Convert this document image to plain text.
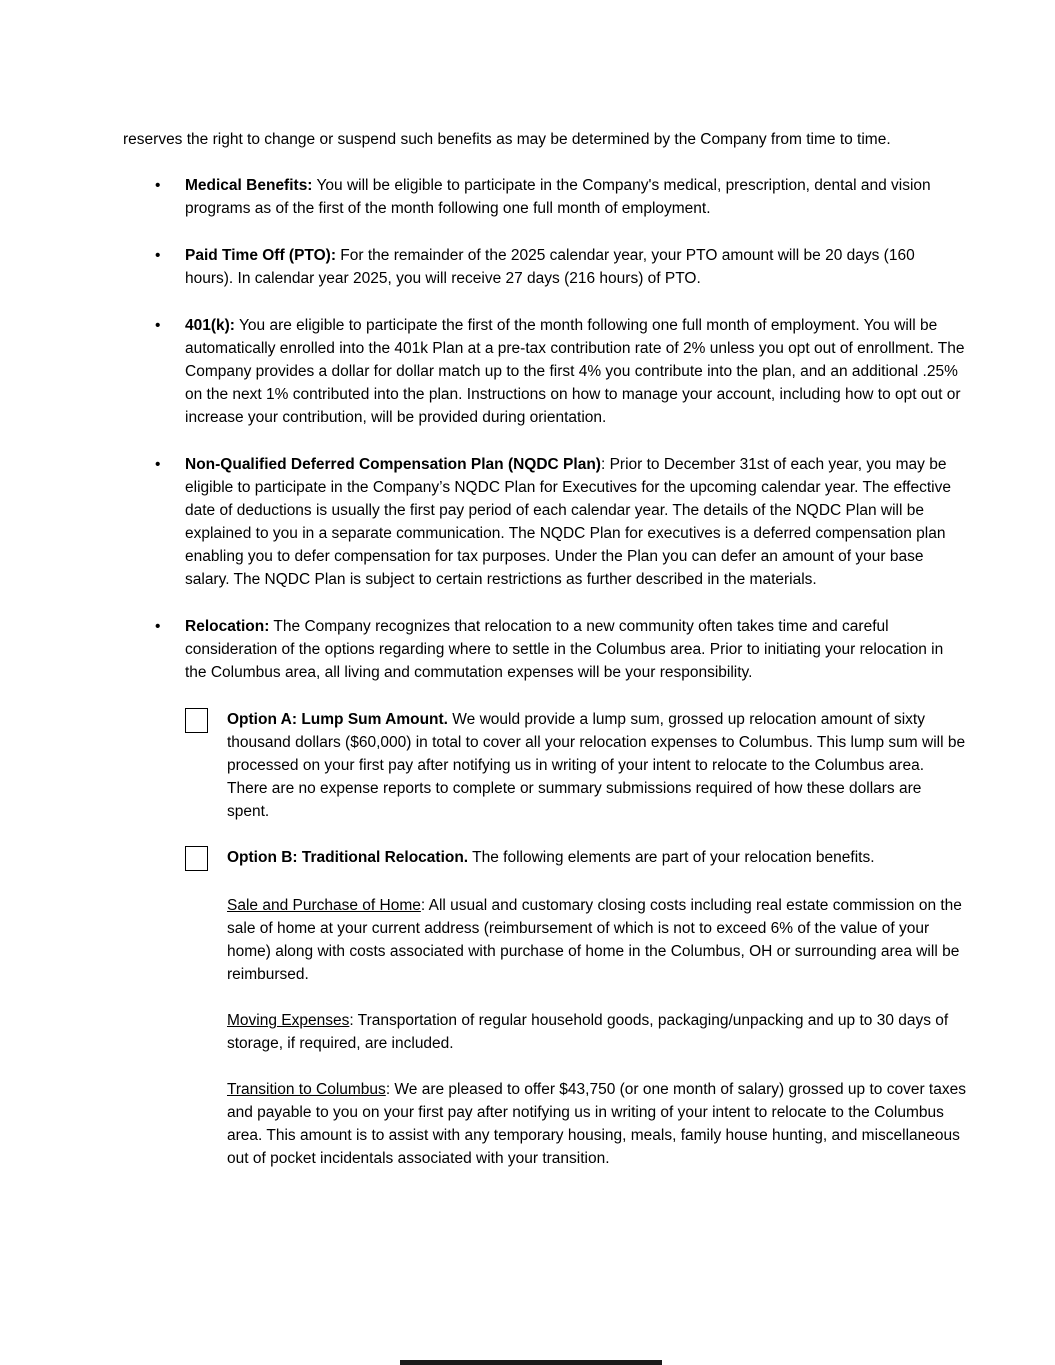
reserves the right to change or suspend such benefits as may be determined by the Company from time to time.

•	Medical Benefits: You will be eligible to participate in the Company's medical, prescription, dental and vision programs as of the first of the month following one full month of employment.

•	Paid Time Off (PTO): For the remainder of the 2025 calendar year, your PTO amount will be 20 days (160 hours). In calendar year 2025, you will receive 27 days (216 hours) of PTO.

•	401(k): You are eligible to participate the first of the month following one full month of employment. You will be automatically enrolled into the 401k Plan at a pre-tax contribution rate of 2% unless you opt out of enrollment. The Company provides a dollar for dollar match up to the first 4% you contribute into the plan, and an additional .25% on the next 1% contributed into the plan. Instructions on how to manage your account, including how to opt out or increase your contribution, will be provided during orientation.

•	Non-Qualified Deferred Compensation Plan (NQDC Plan): Prior to December 31st of each year, you may be eligible to participate in the Company’s NQDC Plan for Executives for the upcoming calendar year. The effective date of deductions is usually the first pay period of each calendar year. The details of the NQDC Plan will be explained to you in a separate communication. The NQDC Plan for executives is a deferred compensation plan enabling you to defer compensation for tax purposes. Under the Plan you can defer an amount of your base salary. The NQDC Plan is subject to certain restrictions as further described in the materials.

•	Relocation: The Company recognizes that relocation to a new community often takes time and careful consideration of the options regarding where to settle in the Columbus area. Prior to initiating your relocation in the Columbus area, all living and commutation expenses will be your responsibility.

Option A: Lump Sum Amount. We would provide a lump sum, grossed up relocation amount of sixty thousand dollars ($60,000) in total to cover all your relocation expenses to Columbus. This lump sum will be processed on your first pay after notifying us in writing of your intent to relocate to the Columbus area. There are no expense reports to complete or summary submissions required of how these dollars are spent.

Option B: Traditional Relocation. The following elements are part of your relocation benefits.

Sale and Purchase of Home: All usual and customary closing costs including real estate commission on the sale of home at your current address (reimbursement of which is not to exceed 6% of the value of your home) along with costs associated with purchase of home in the Columbus, OH or surrounding area will be reimbursed.

Moving Expenses: Transportation of regular household goods, packaging/unpacking and up to 30 days of storage, if required, are included.

Transition to Columbus: We are pleased to offer $43,750 (or one month of salary) grossed up to cover taxes and payable to you on your first pay after notifying us in writing of your intent to relocate to the Columbus area. This amount is to assist with any temporary housing, meals, family house hunting, and miscellaneous out of pocket incidentals associated with your transition.
